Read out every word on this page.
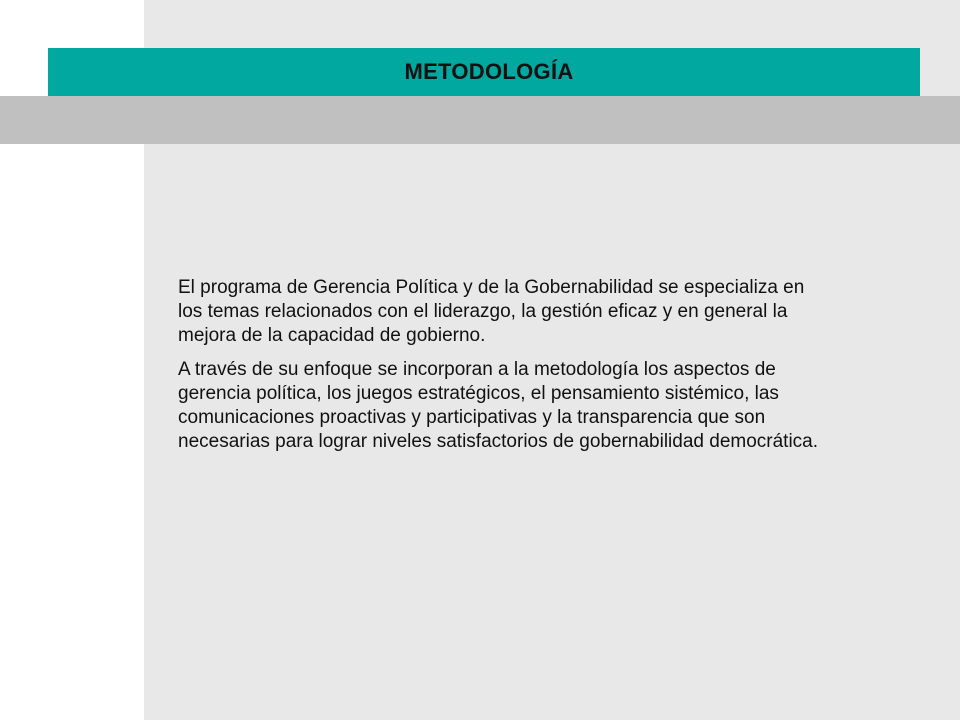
METODOLOGÍA

El programa de Gerencia Política y de la Gobernabilidad se especializa en los temas relacionados con el liderazgo, la gestión eficaz y en general la mejora de la capacidad de gobierno.

A través de su enfoque se incorporan a la metodología los aspectos de gerencia política, los juegos estratégicos, el pensamiento sistémico, las comunicaciones proactivas y participativas y la transparencia que son necesarias para lograr niveles satisfactorios de gobernabilidad democrática.
